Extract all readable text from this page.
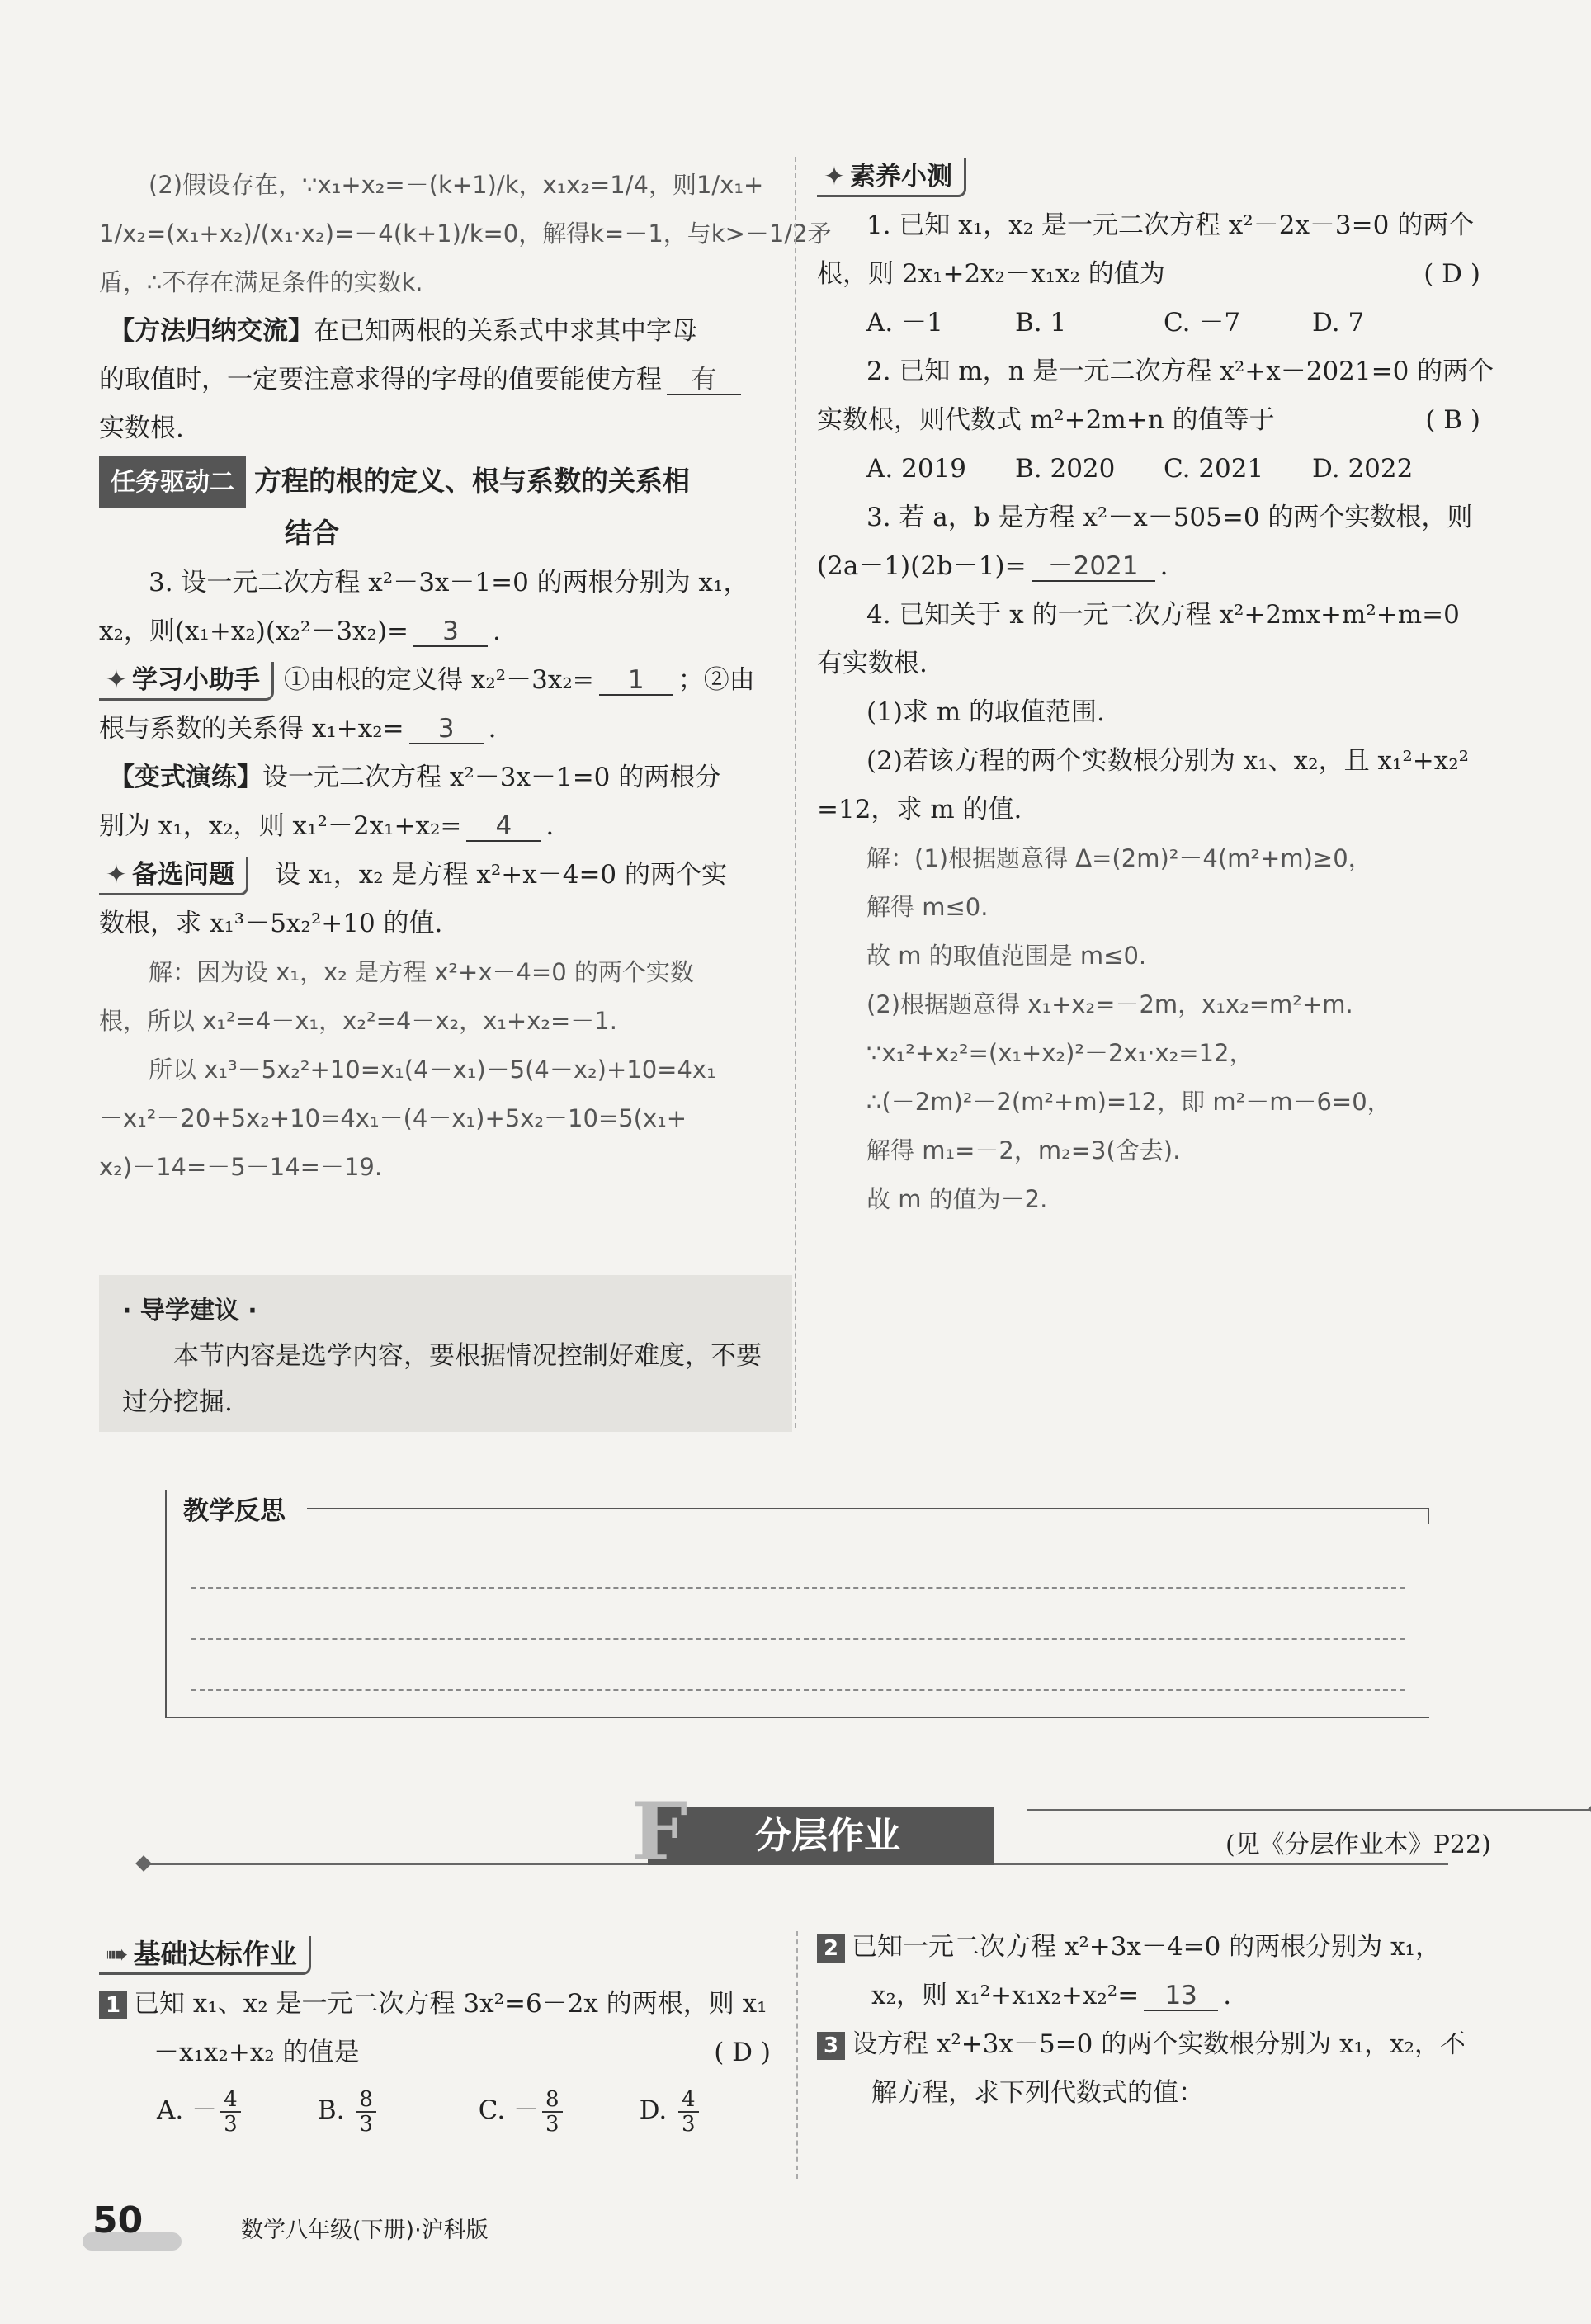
(2)假设存在，∵x₁+x₂=－(k+1)/k，x₁x₂=1/4，则1/x₁+

1/x₂=(x₁+x₂)/(x₁·x₂)=－4(k+1)/k=0，解得k=－1，与k>－1/2矛

盾，∴不存在满足条件的实数k.

【方法归纳交流】在已知两根的关系式中求其中字母

的取值时，一定要注意求得的字母的值要能使方程 有

实数根.

任务驱动二 方程的根的定义、根与系数的关系相

结合

3. 设一元二次方程 x²－3x－1=0 的两根分别为 x₁，

x₂，则(x₁+x₂)(x₂²－3x₂)= 3 .

✦ 学习小助手 ①由根的定义得 x₂²－3x₂= 1 ；②由

根与系数的关系得 x₁+x₂= 3 .

【变式演练】设一元二次方程 x²－3x－1=0 的两根分

别为 x₁，x₂，则 x₁²－2x₁+x₂= 4 .

✦ 备选问题 设 x₁，x₂ 是方程 x²+x－4=0 的两个实

数根，求 x₁³－5x₂²+10 的值.

解：因为设 x₁，x₂ 是方程 x²+x－4=0 的两个实数

根，所以 x₁²=4－x₁，x₂²=4－x₂，x₁+x₂=－1.

所以 x₁³－5x₂²+10=x₁(4－x₁)－5(4－x₂)+10=4x₁

－x₁²－20+5x₂+10=4x₁－(4－x₁)+5x₂－10=5(x₁+

x₂)－14=－5－14=－19.

· 导学建议 ·
本节内容是选学内容，要根据情况控制好难度，不要过分挖掘.

✦ 素养小测

1. 已知 x₁，x₂ 是一元二次方程 x²－2x－3=0 的两个

根，则 2x₁+2x₂－x₁x₂ 的值为	( D )

A. －1	B. 1	C. －7	D. 7

2. 已知 m，n 是一元二次方程 x²+x－2021=0 的两个

实数根，则代数式 m²+2m+n 的值等于	( B )

A. 2019 B. 2020 C. 2021 D. 2022

3. 若 a，b 是方程 x²－x－505=0 的两个实数根，则

(2a－1)(2b－1)= －2021 .

4. 已知关于 x 的一元二次方程 x²+2mx+m²+m=0

有实数根.

(1)求 m 的取值范围.

(2)若该方程的两个实数根分别为 x₁、x₂，且 x₁²+x₂²

=12，求 m 的值.

解：(1)根据题意得 Δ=(2m)²－4(m²+m)≥0，

解得 m≤0.

故 m 的取值范围是 m≤0.

(2)根据题意得 x₁+x₂=－2m，x₁x₂=m²+m.

∵x₁²+x₂²=(x₁+x₂)²－2x₁·x₂=12，

∴(－2m)²－2(m²+m)=12，即 m²－m－6=0，

解得 m₁=－2，m₂=3(舍去).

故 m 的值为－2.

教学反思
F 分层作业	(见《分层作业本》P22)

➠ 基础达标作业

1 已知 x₁、x₂ 是一元二次方程 3x²=6－2x 的两根，则 x₁

－x₁x₂+x₂ 的值是	( D )

A. － $\frac{4}{3}$	B. $\frac{8}{3}$	C. － $\frac{8}{3}$	D. $\frac{4}{3}$

2 已知一元二次方程 x²+3x－4=0 的两根分别为 x₁，

x₂，则 x₁²+x₁x₂+x₂²= 13 .

3 设方程 x²+3x－5=0 的两个实数根分别为 x₁，x₂，不

解方程，求下列代数式的值：

50	数学八年级(下册)·沪科版
